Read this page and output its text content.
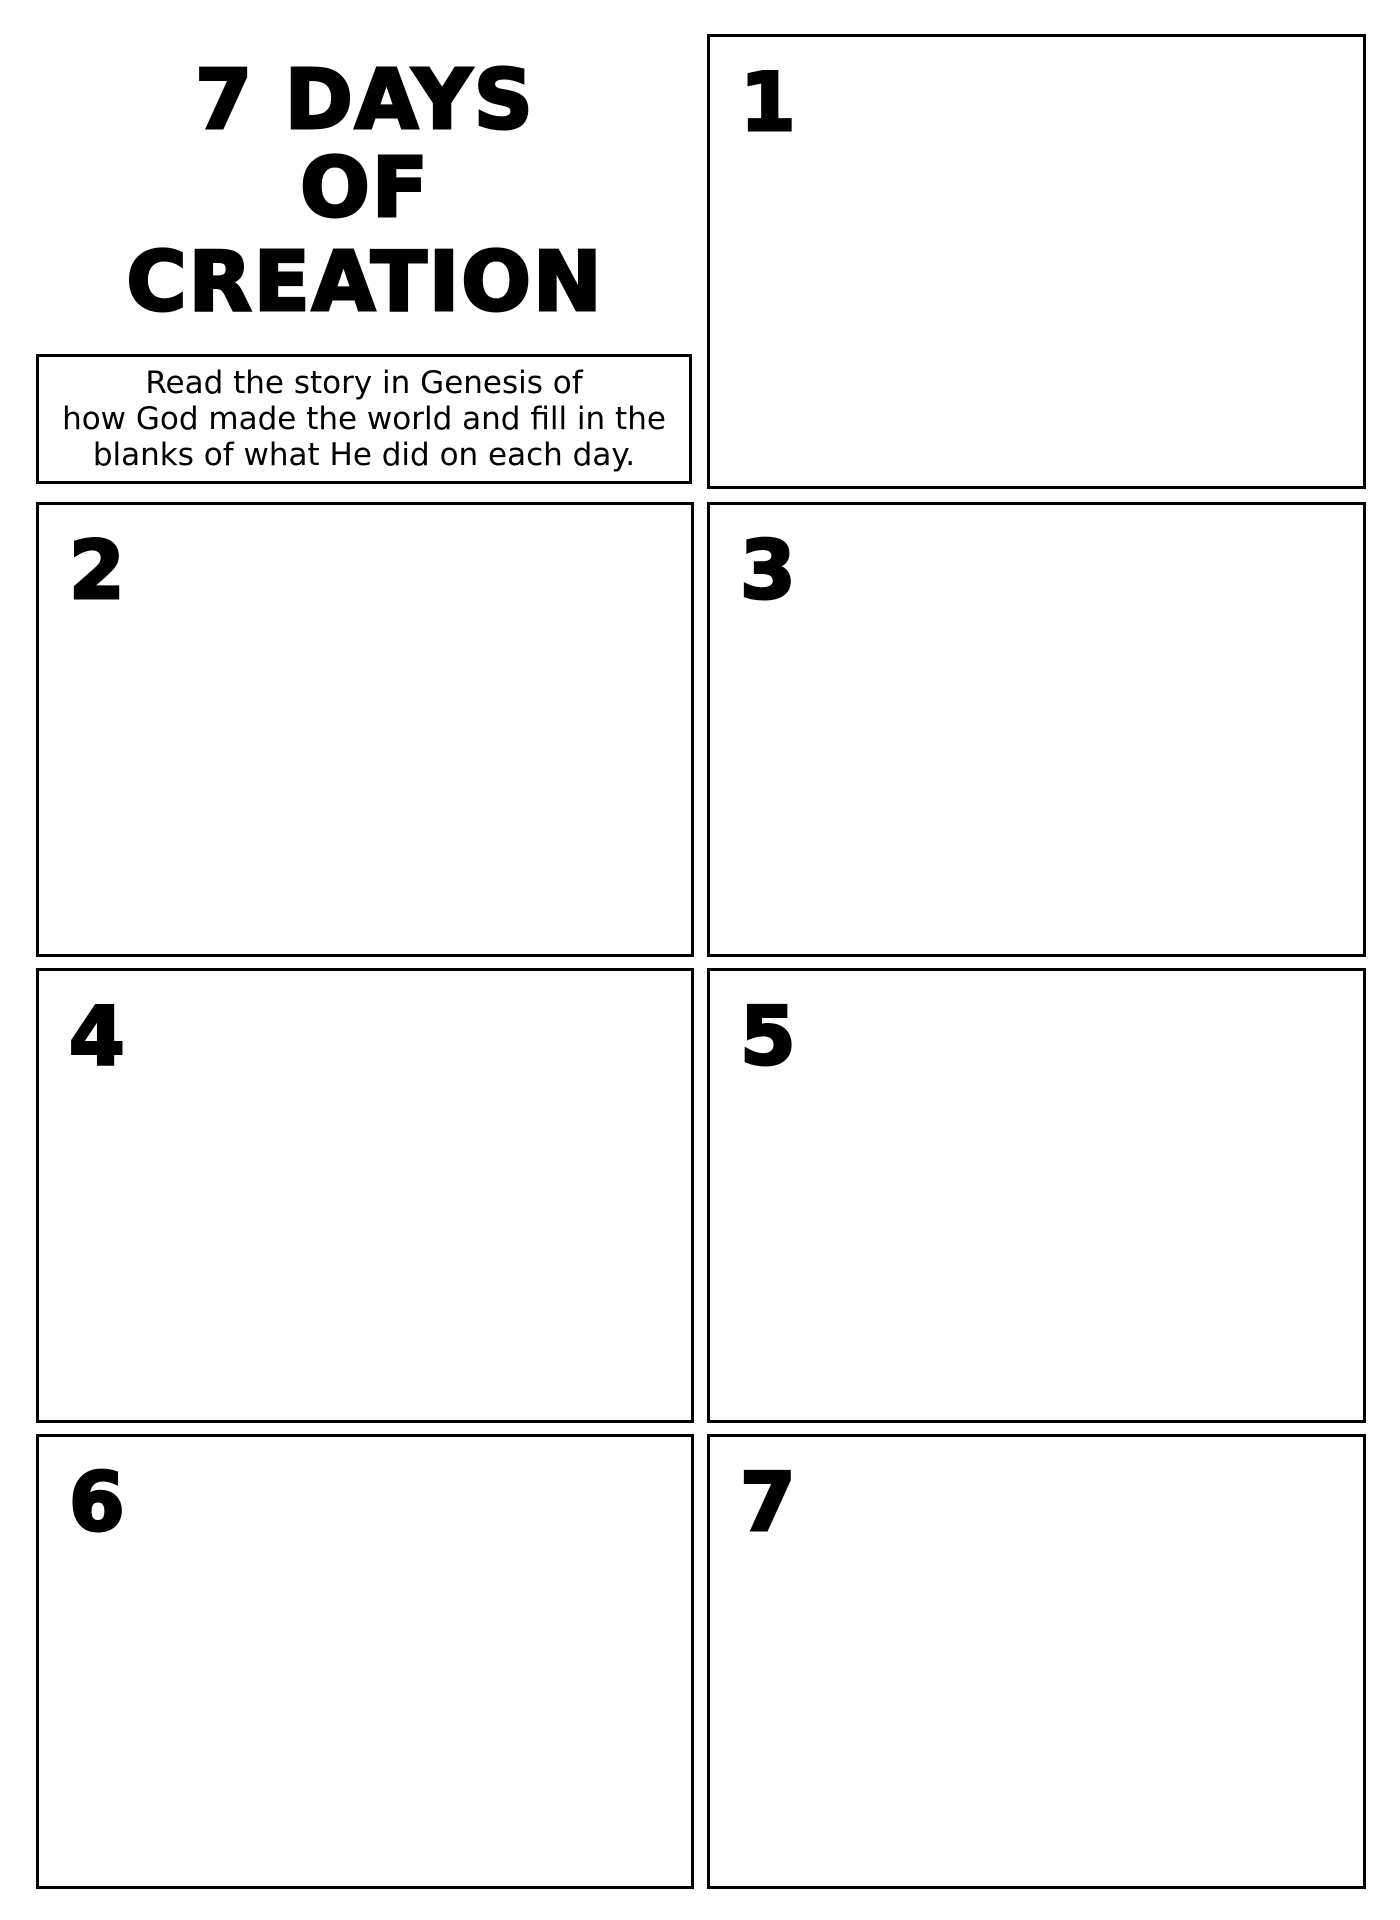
7 DAYS
OF
CREATION
Read the story in Genesis of
how God made the world and fill in the
blanks of what He did on each day.
1
2	3
4	5
6	7
